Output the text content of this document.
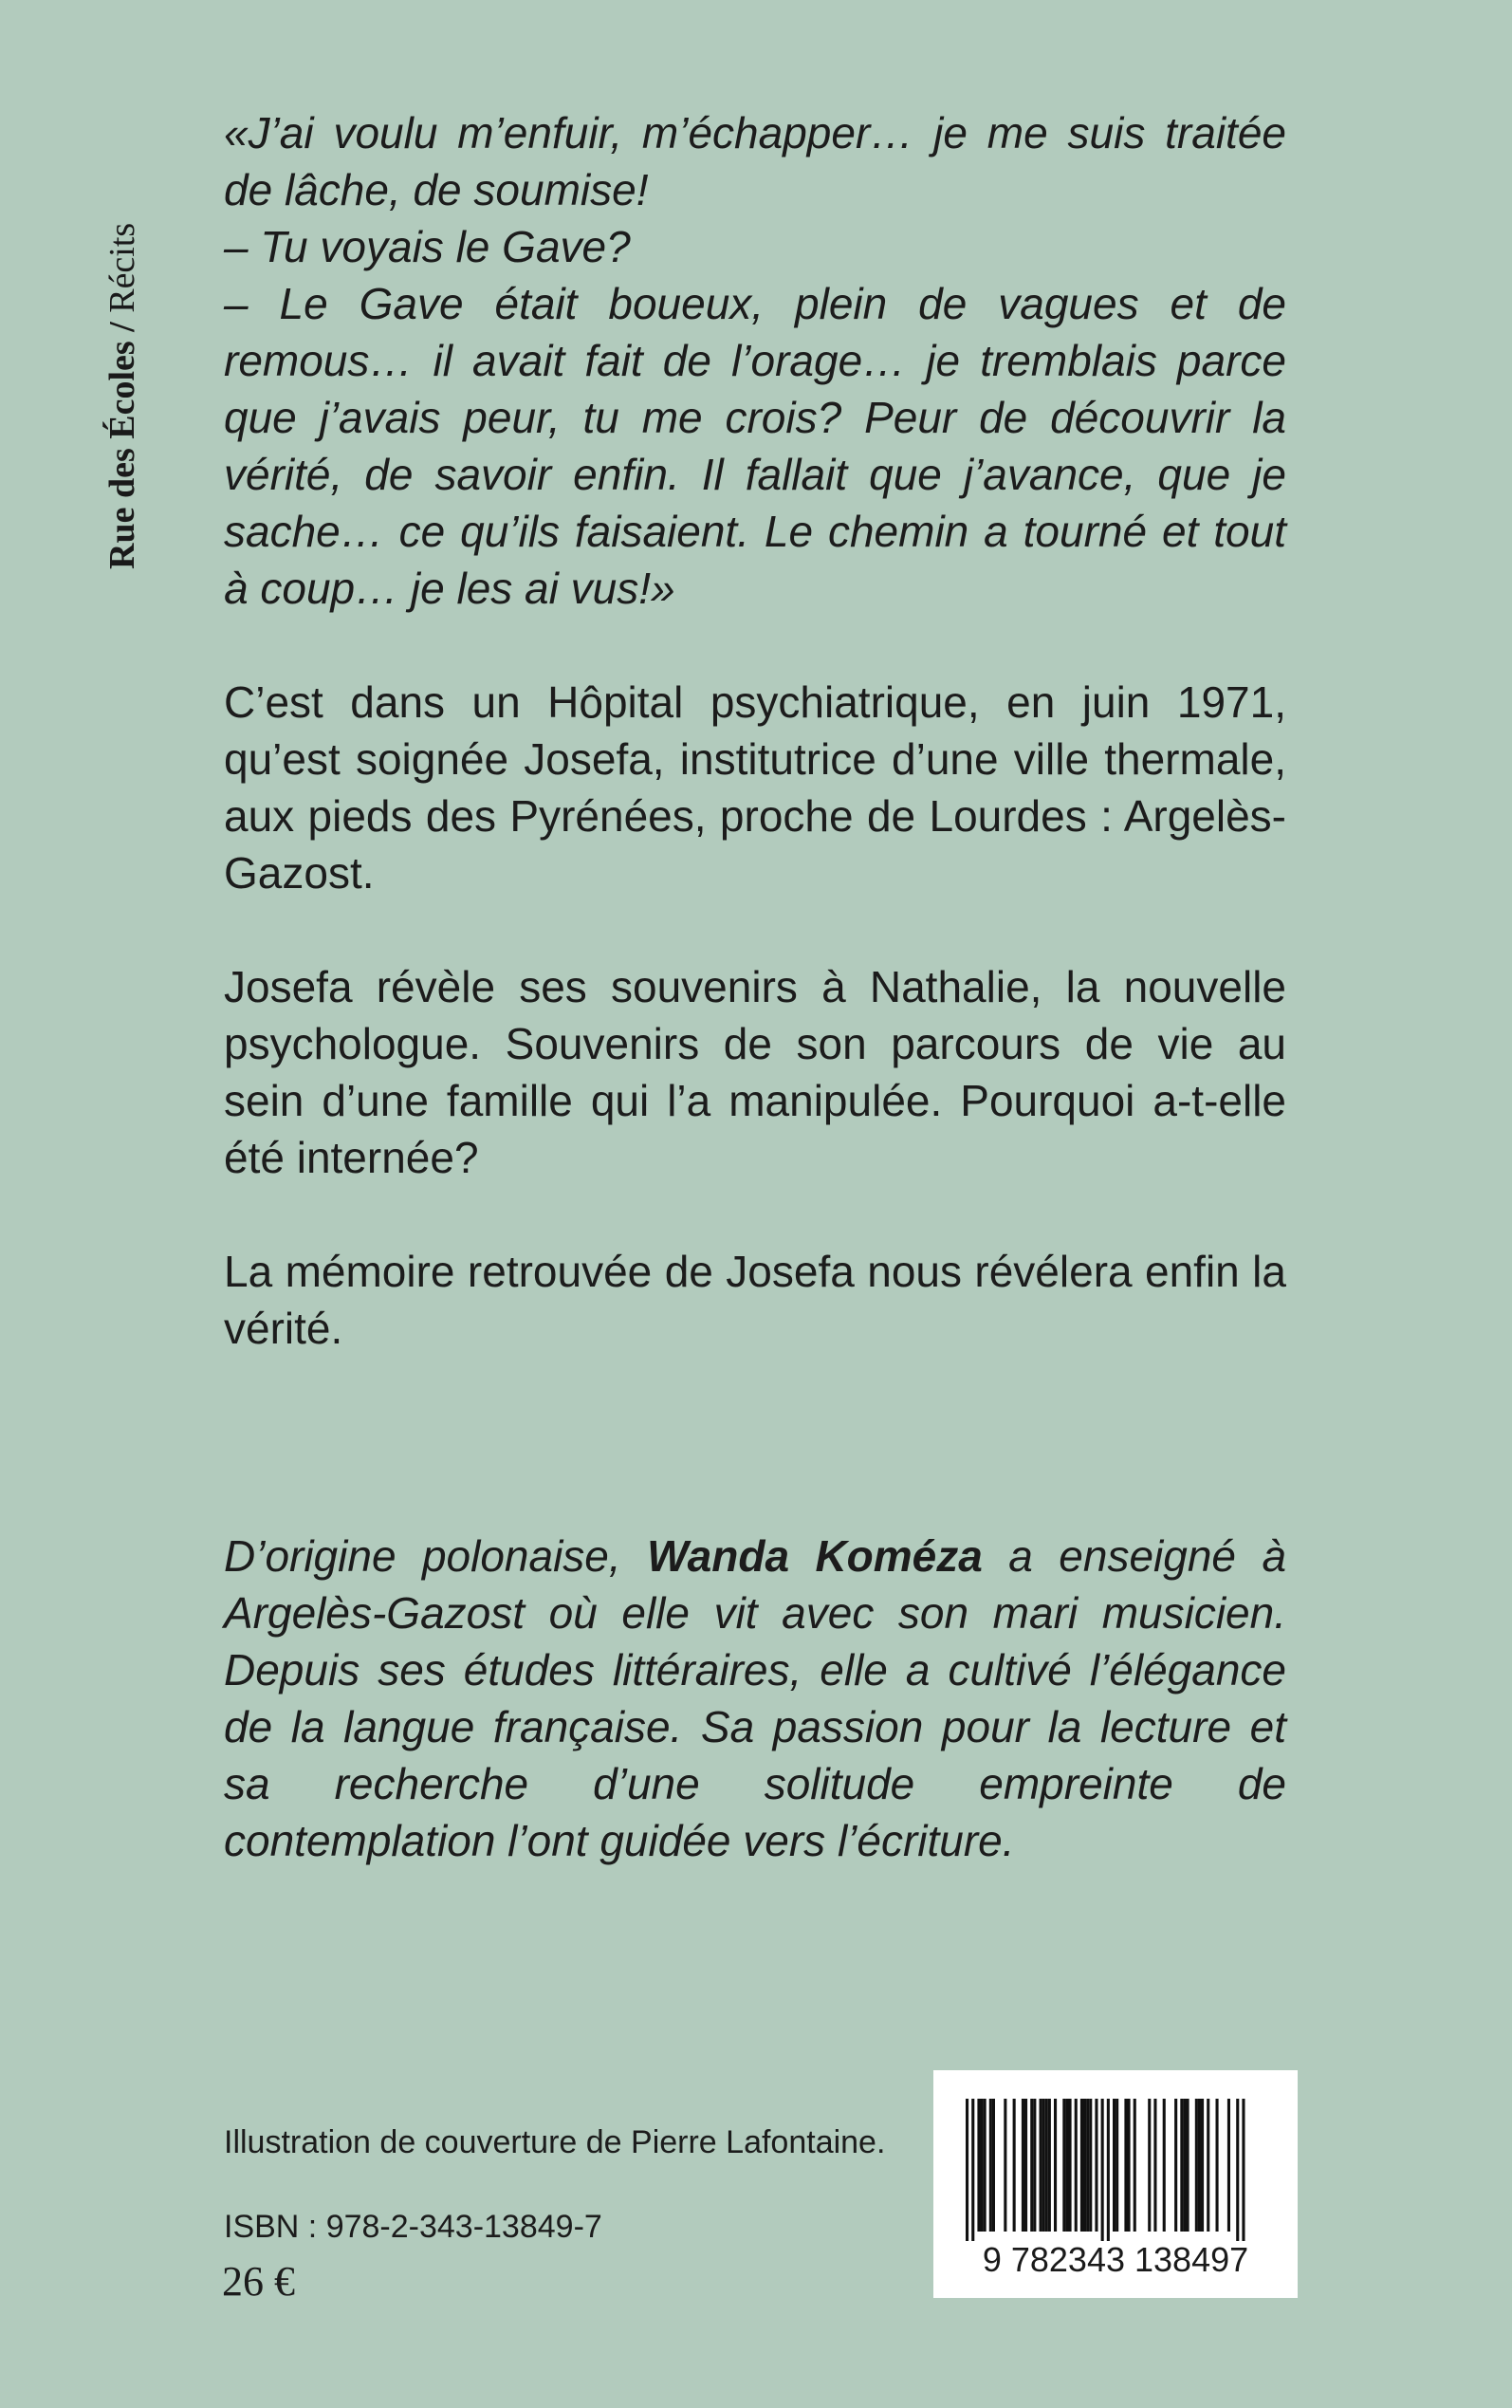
Rue des Écoles / Récits

«J’ai voulu m’enfuir, m’échapper… je me suis traitée de lâche, de soumise!
– Tu voyais le Gave?
– Le Gave était boueux, plein de vagues et de remous… il avait fait de l’orage… je tremblais parce que j’avais peur, tu me crois? Peur de découvrir la vérité, de savoir enfin. Il fallait que j’avance, que je sache… ce qu’ils faisaient. Le chemin a tourné et tout à coup… je les ai vus!»

C’est dans un Hôpital psychiatrique, en juin 1971, qu’est soignée Josefa, institutrice d’une ville thermale, aux pieds des Pyrénées, proche de Lourdes : Argelès-Gazost.

Josefa révèle ses souvenirs à Nathalie, la nouvelle psychologue. Souvenirs de son parcours de vie au sein d’une famille qui l’a manipulée. Pourquoi a-t-elle été internée?

La mémoire retrouvée de Josefa nous révélera enfin la vérité.

D’origine polonaise, Wanda Koméza a enseigné à Argelès-Gazost où elle vit avec son mari musicien. Depuis ses études littéraires, elle a cultivé l’élégance de la langue française. Sa passion pour la lecture et sa recherche d’une solitude empreinte de contemplation l’ont guidée vers l’écriture.

Illustration de couverture de Pierre Lafontaine.
ISBN : 978-2-343-13849-7
26 €	9 782343 138497
